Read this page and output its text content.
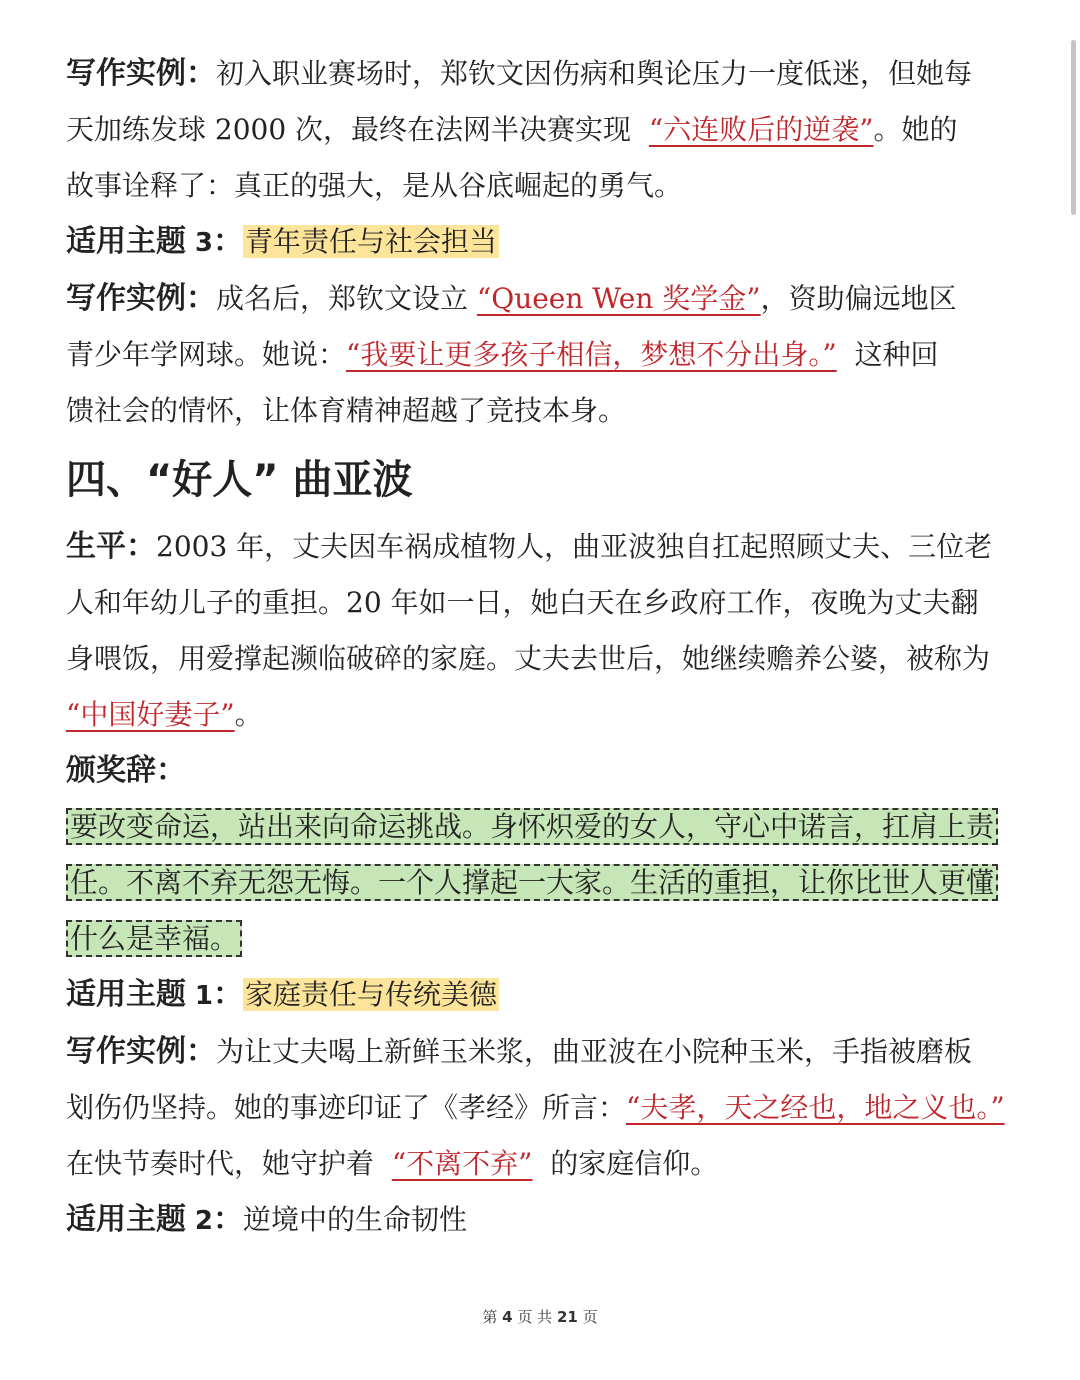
写作实例：初入职业赛场时，郑钦文因伤病和舆论压力一度低迷，但她每

天加练发球 2000 次，最终在法网半决赛实现 “六连败后的逆袭”。她的

故事诠释了：真正的强大，是从谷底崛起的勇气。

适用主题 3：青年责任与社会担当

写作实例：成名后，郑钦文设立 “Queen Wen 奖学金”，资助偏远地区

青少年学网球。她说：“我要让更多孩子相信，梦想不分出身。” 这种回

馈社会的情怀，让体育精神超越了竞技本身。

四、“好人” 曲亚波

生平：2003 年，丈夫因车祸成植物人，曲亚波独自扛起照顾丈夫、三位老

人和年幼儿子的重担。20 年如一日，她白天在乡政府工作，夜晚为丈夫翻

身喂饭，用爱撑起濒临破碎的家庭。丈夫去世后，她继续赡养公婆，被称为

“中国好妻子”。

颁奖辞：

要改变命运，站出来向命运挑战。身怀炽爱的女人，守心中诺言，扛肩上责
任。不离不弃无怨无悔。一个人撑起一大家。生活的重担，让你比世人更懂
什么是幸福。

适用主题 1：家庭责任与传统美德

写作实例：为让丈夫喝上新鲜玉米浆，曲亚波在小院种玉米，手指被磨板

划伤仍坚持。她的事迹印证了《孝经》所言：“夫孝，天之经也，地之义也。”

在快节奏时代，她守护着 “不离不弃” 的家庭信仰。

适用主题 2：逆境中的生命韧性

第 4 页 共 21 页
